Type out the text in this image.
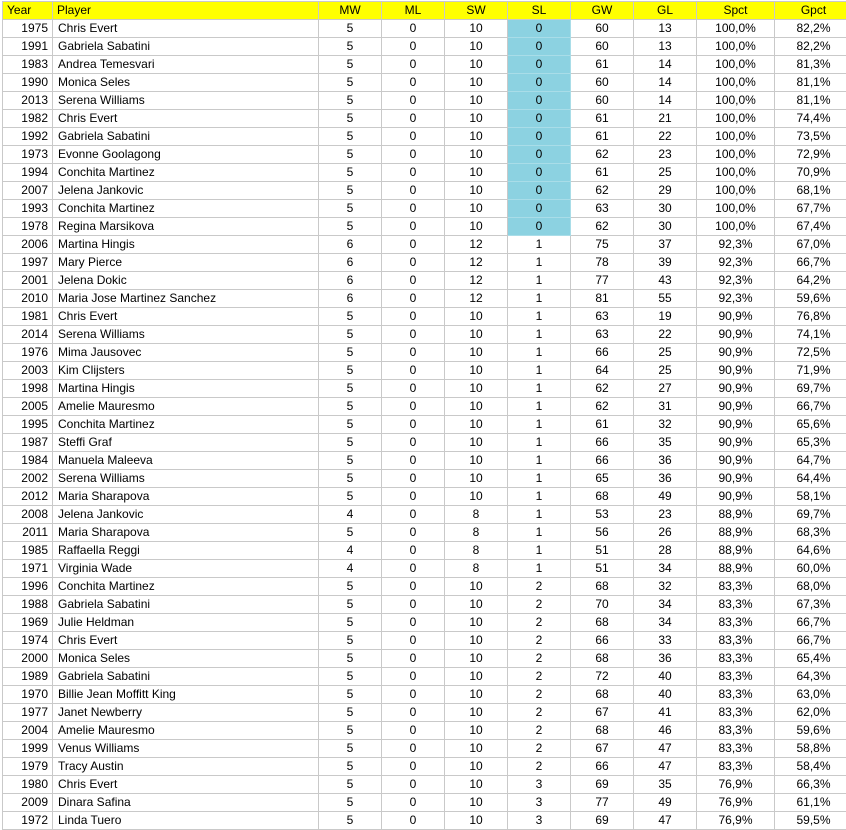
Year	Player	MW	ML	SW	SL	GW	GL	Spct	Gpct
1975	Chris Evert	5	0	10	0	60	13	100,0%	82,2%
1991	Gabriela Sabatini	5	0	10	0	60	13	100,0%	82,2%
1983	Andrea Temesvari	5	0	10	0	61	14	100,0%	81,3%
1990	Monica Seles	5	0	10	0	60	14	100,0%	81,1%
2013	Serena Williams	5	0	10	0	60	14	100,0%	81,1%
1982	Chris Evert	5	0	10	0	61	21	100,0%	74,4%
1992	Gabriela Sabatini	5	0	10	0	61	22	100,0%	73,5%
1973	Evonne Goolagong	5	0	10	0	62	23	100,0%	72,9%
1994	Conchita Martinez	5	0	10	0	61	25	100,0%	70,9%
2007	Jelena Jankovic	5	0	10	0	62	29	100,0%	68,1%
1993	Conchita Martinez	5	0	10	0	63	30	100,0%	67,7%
1978	Regina Marsikova	5	0	10	0	62	30	100,0%	67,4%
2006	Martina Hingis	6	0	12	1	75	37	92,3%	67,0%
1997	Mary Pierce	6	0	12	1	78	39	92,3%	66,7%
2001	Jelena Dokic	6	0	12	1	77	43	92,3%	64,2%
2010	Maria Jose Martinez Sanchez	6	0	12	1	81	55	92,3%	59,6%
1981	Chris Evert	5	0	10	1	63	19	90,9%	76,8%
2014	Serena Williams	5	0	10	1	63	22	90,9%	74,1%
1976	Mima Jausovec	5	0	10	1	66	25	90,9%	72,5%
2003	Kim Clijsters	5	0	10	1	64	25	90,9%	71,9%
1998	Martina Hingis	5	0	10	1	62	27	90,9%	69,7%
2005	Amelie Mauresmo	5	0	10	1	62	31	90,9%	66,7%
1995	Conchita Martinez	5	0	10	1	61	32	90,9%	65,6%
1987	Steffi Graf	5	0	10	1	66	35	90,9%	65,3%
1984	Manuela Maleeva	5	0	10	1	66	36	90,9%	64,7%
2002	Serena Williams	5	0	10	1	65	36	90,9%	64,4%
2012	Maria Sharapova	5	0	10	1	68	49	90,9%	58,1%
2008	Jelena Jankovic	4	0	8	1	53	23	88,9%	69,7%
2011	Maria Sharapova	5	0	8	1	56	26	88,9%	68,3%
1985	Raffaella Reggi	4	0	8	1	51	28	88,9%	64,6%
1971	Virginia Wade	4	0	8	1	51	34	88,9%	60,0%
1996	Conchita Martinez	5	0	10	2	68	32	83,3%	68,0%
1988	Gabriela Sabatini	5	0	10	2	70	34	83,3%	67,3%
1969	Julie Heldman	5	0	10	2	68	34	83,3%	66,7%
1974	Chris Evert	5	0	10	2	66	33	83,3%	66,7%
2000	Monica Seles	5	0	10	2	68	36	83,3%	65,4%
1989	Gabriela Sabatini	5	0	10	2	72	40	83,3%	64,3%
1970	Billie Jean Moffitt King	5	0	10	2	68	40	83,3%	63,0%
1977	Janet Newberry	5	0	10	2	67	41	83,3%	62,0%
2004	Amelie Mauresmo	5	0	10	2	68	46	83,3%	59,6%
1999	Venus Williams	5	0	10	2	67	47	83,3%	58,8%
1979	Tracy Austin	5	0	10	2	66	47	83,3%	58,4%
1980	Chris Evert	5	0	10	3	69	35	76,9%	66,3%
2009	Dinara Safina	5	0	10	3	77	49	76,9%	61,1%
1972	Linda Tuero	5	0	10	3	69	47	76,9%	59,5%
